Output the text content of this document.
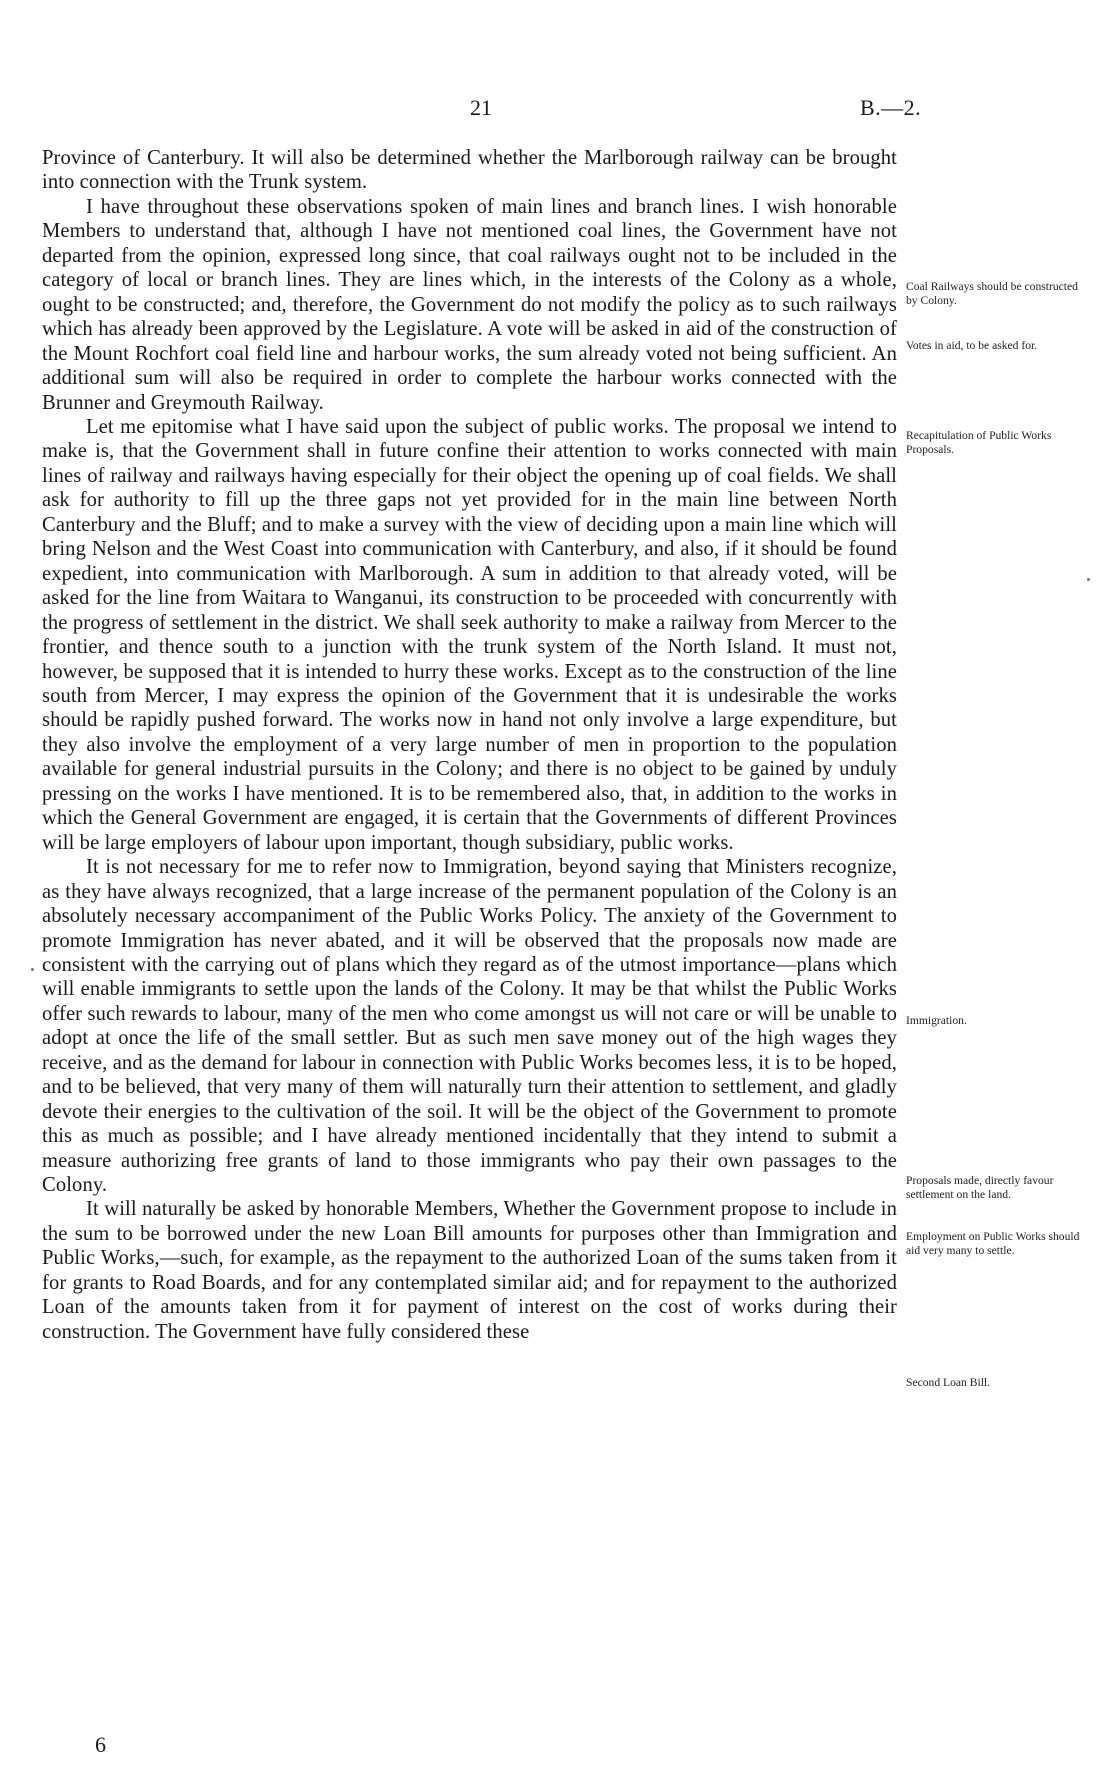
21	B.—2.

Province of Canterbury. It will also be determined whether the Marlborough railway can be brought into connection with the Trunk system.

I have throughout these observations spoken of main lines and branch lines. I wish honorable Members to understand that, although I have not mentioned coal lines, the Government have not departed from the opinion, expressed long since, that coal railways ought not to be included in the category of local or branch lines. They are lines which, in the interests of the Colony as a whole, ought to be constructed; and, therefore, the Government do not modify the policy as to such railways which has already been approved by the Legislature. A vote will be asked in aid of the construction of the Mount Rochfort coal field line and harbour works, the sum already voted not being sufficient. An additional sum will also be required in order to complete the harbour works connected with the Brunner and Greymouth Railway.

Let me epitomise what I have said upon the subject of public works. The proposal we intend to make is, that the Government shall in future confine their attention to works connected with main lines of railway and railways having especially for their object the opening up of coal fields. We shall ask for authority to fill up the three gaps not yet provided for in the main line between North Canterbury and the Bluff; and to make a survey with the view of deciding upon a main line which will bring Nelson and the West Coast into communication with Canterbury, and also, if it should be found expedient, into communication with Marlborough. A sum in addition to that already voted, will be asked for the line from Waitara to Wanganui, its construction to be proceeded with concurrently with the progress of settlement in the district. We shall seek authority to make a railway from Mercer to the frontier, and thence south to a junction with the trunk system of the North Island. It must not, however, be supposed that it is intended to hurry these works. Except as to the construction of the line south from Mercer, I may express the opinion of the Government that it is undesirable the works should be rapidly pushed forward. The works now in hand not only involve a large expenditure, but they also involve the employment of a very large number of men in proportion to the population available for general industrial pursuits in the Colony; and there is no object to be gained by unduly pressing on the works I have mentioned. It is to be remembered also, that, in addition to the works in which the General Government are engaged, it is certain that the Governments of different Provinces will be large employers of labour upon important, though subsidiary, public works.

It is not necessary for me to refer now to Immigration, beyond saying that Ministers recognize, as they have always recognized, that a large increase of the permanent population of the Colony is an absolutely necessary accompaniment of the Public Works Policy. The anxiety of the Government to promote Immigration has never abated, and it will be observed that the proposals now made are consistent with the carrying out of plans which they regard as of the utmost importance—plans which will enable immigrants to settle upon the lands of the Colony. It may be that whilst the Public Works offer such rewards to labour, many of the men who come amongst us will not care or will be unable to adopt at once the life of the small settler. But as such men save money out of the high wages they receive, and as the demand for labour in connection with Public Works becomes less, it is to be hoped, and to be believed, that very many of them will naturally turn their attention to settlement, and gladly devote their energies to the cultivation of the soil. It will be the object of the Government to promote this as much as possible; and I have already mentioned incidentally that they intend to submit a measure authorizing free grants of land to those immigrants who pay their own passages to the Colony.

It will naturally be asked by honorable Members, Whether the Government propose to include in the sum to be borrowed under the new Loan Bill amounts for purposes other than Immigration and Public Works,—such, for example, as the repayment to the authorized Loan of the sums taken from it for grants to Road Boards, and for any contemplated similar aid; and for repayment to the authorized Loan of the amounts taken from it for payment of interest on the cost of works during their construction. The Government have fully considered these

Coal Railways should be constructed by Colony.
Votes in aid, to be asked for.
Recapitulation of Public Works Proposals.
Immigration.
Proposals made, directly favour settlement on the land.
Employment on Public Works should aid very many to settle.
Second Loan Bill.
6
